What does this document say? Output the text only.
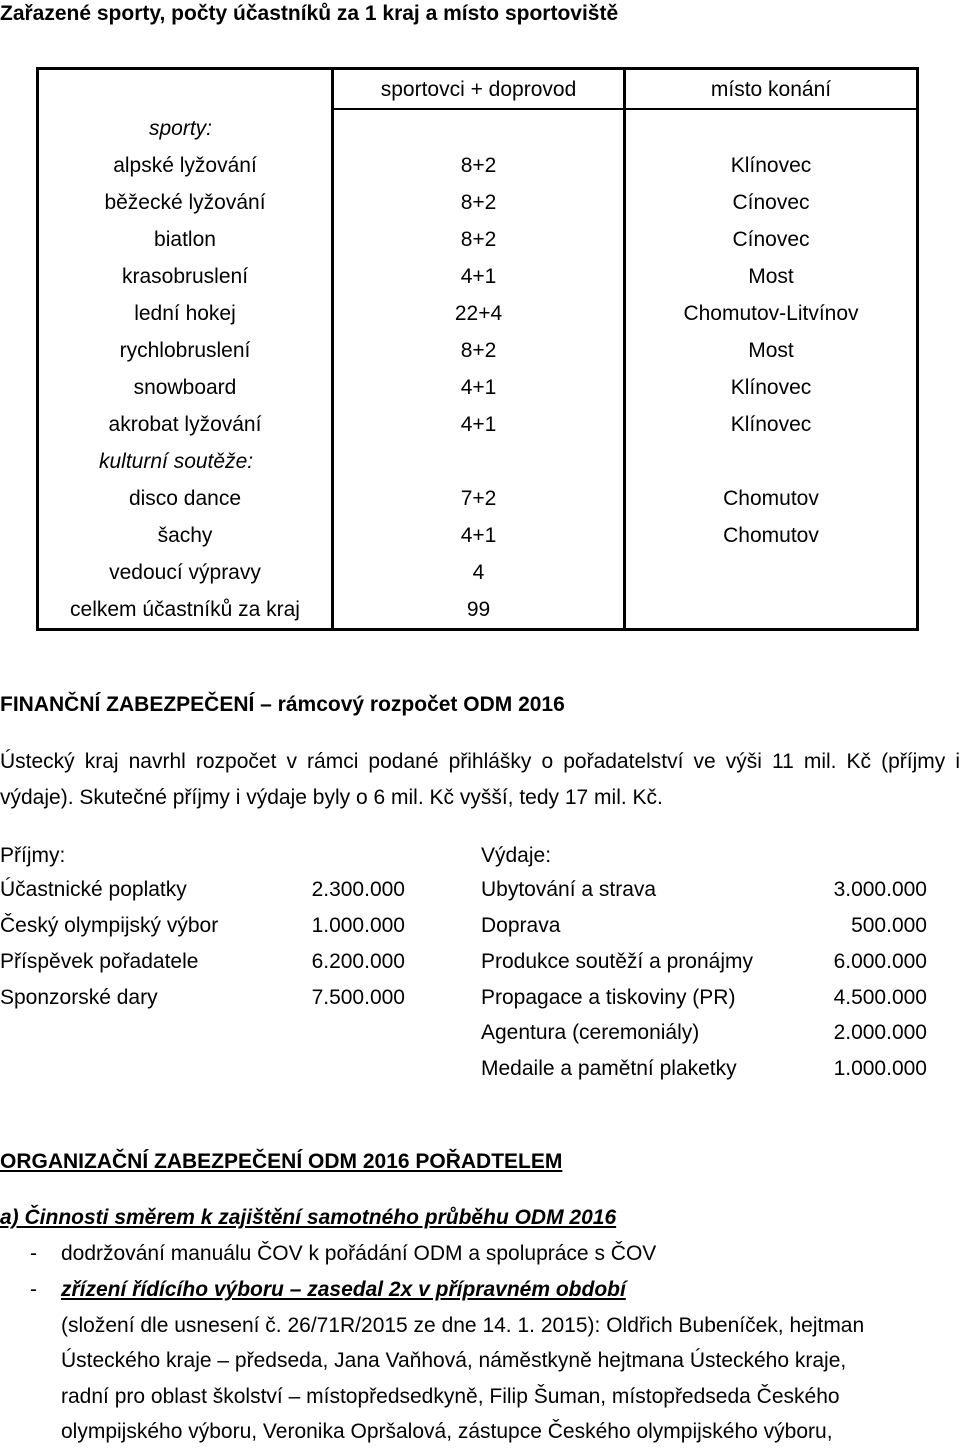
Zařazené sporty, počty účastníků za 1 kraj a místo sportoviště
	sportovci + doprovod	místo konání
sporty:		
alpské lyžování	8+2	Klínovec
běžecké lyžování	8+2	Cínovec
biatlon	8+2	Cínovec
krasobruslení	4+1	Most
lední hokej	22+4	Chomutov-Litvínov
rychlobruslení	8+2	Most
snowboard	4+1	Klínovec
akrobat lyžování	4+1	Klínovec
kulturní soutěže:		
disco dance	7+2	Chomutov
šachy	4+1	Chomutov
vedoucí výpravy	4	
celkem účastníků za kraj	99	
FINANČNÍ ZABEZPEČENÍ – rámcový rozpočet ODM 2016
Ústecký kraj navrhl rozpočet v rámci podané přihlášky o pořadatelství ve výši 11 mil. Kč (příjmy i výdaje). Skutečné příjmy i výdaje byly o 6 mil. Kč vyšší, tedy 17 mil. Kč.
Příjmy:	Výdaje:
Účastnické poplatky	2.300.000
Český olympijský výbor	1.000.000
Příspěvek pořadatele	6.200.000
Sponzorské dary	7.500.000
Ubytování a strava	3.000.000
Doprava	500.000
Produkce soutěží a pronájmy	6.000.000
Propagace a tiskoviny (PR)	4.500.000
Agentura (ceremoniály)	2.000.000
Medaile a pamětní plaketky	1.000.000
ORGANIZAČNÍ ZABEZPEČENÍ ODM 2016 POŘADTELEM
a) Činnosti směrem k zajištění samotného průběhu ODM 2016
- dodržování manuálu ČOV k pořádání ODM a spolupráce s ČOV
- zřízení řídícího výboru – zasedal 2x v přípravném období
(složení dle usnesení č. 26/71R/2015 ze dne 14. 1. 2015): Oldřich Bubeníček, hejtman
Ústeckého kraje – předseda, Jana Vaňhová, náměstkyně hejtmana Ústeckého kraje,
radní pro oblast školství – místopředsedkyně, Filip Šuman, místopředseda Českého
olympijského výboru, Veronika Opršalová, zástupce Českého olympijského výboru,
